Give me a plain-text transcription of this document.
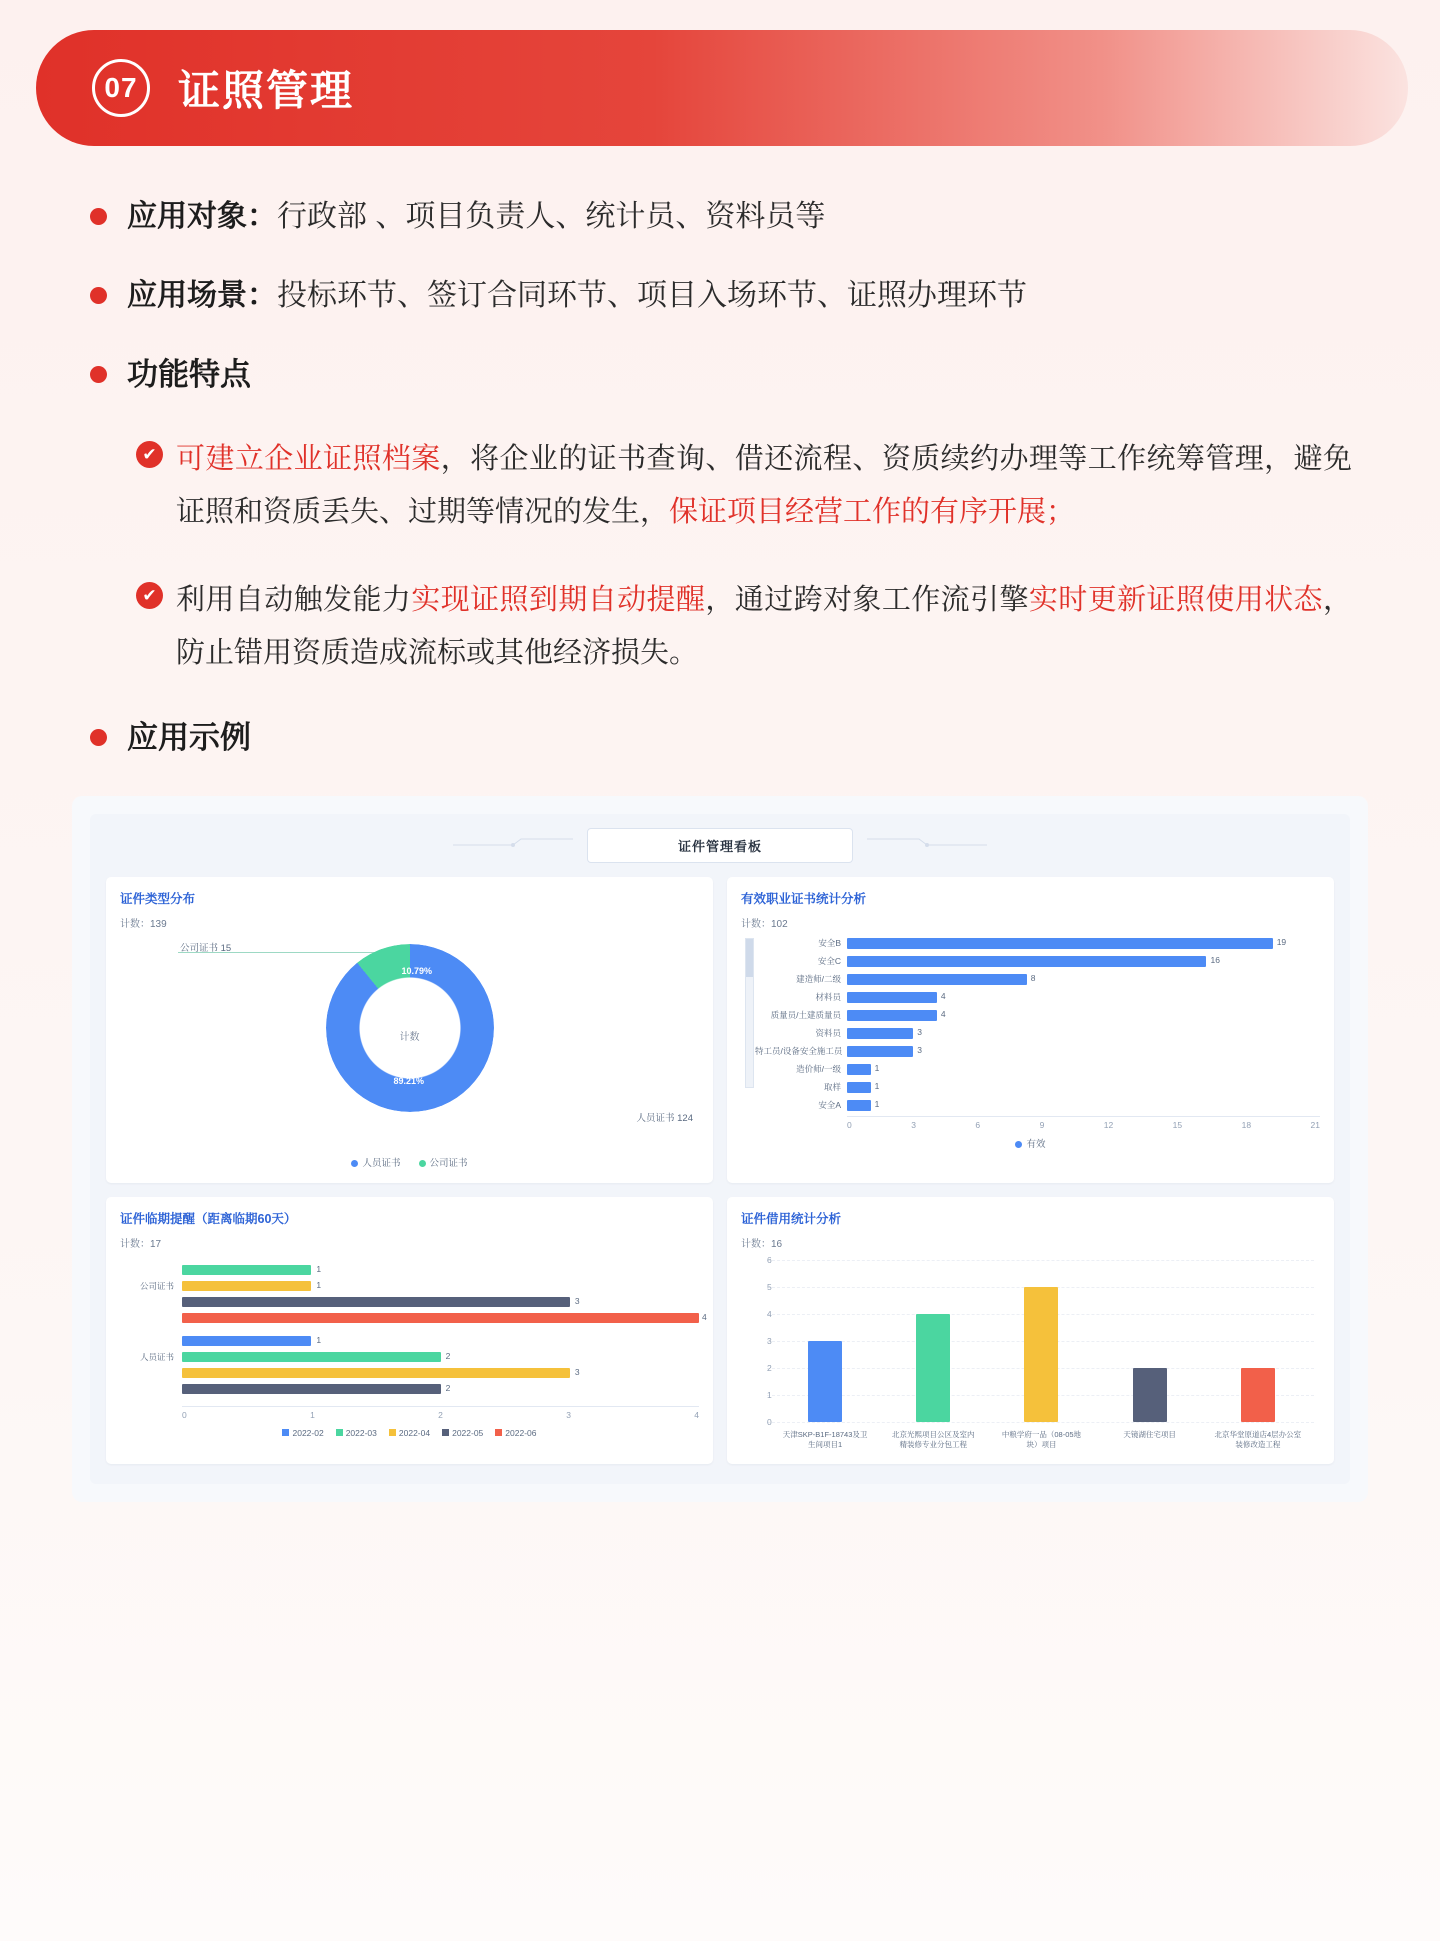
07 证照管理
应用对象：行政部 、项目负责人、统计员、资料员等
应用场景：投标环节、签订合同环节、项目入场环节、证照办理环节
功能特点
✔ 可建立企业证照档案，将企业的证书查询、借还流程、资质续约办理等工作统筹管理，避免证照和资质丢失、过期等情况的发生，保证项目经营工作的有序开展；

✔ 利用自动触发能力实现证照到期自动提醒，通过跨对象工作流引擎实时更新证照使用状态，防止错用资质造成流标或其他经济损失。

应用示例
证件管理看板
证件类型分布
计数：139
公司证书 15
计数
10.79%
89.21%
人员证书 124
人员证书	公司证书
有效职业证书统计分析
计数：102
安全B	19
安全C	16
建造师/二级	8
材料员	4
质量员/土建质量员	4
资料员	3
特工员/设备安全施工员	3
造价师/一级	1
取样	1
安全A	1
0	3	6	9	12	15	18	21
有效
证件临期提醒（距离临期60天）
计数：17
1
公司证书	1
3
4
1
人员证书	2
3
2
0	1	2	3	4
2022-02	2022-03	2022-04	2022-05	2022-06
证件借用统计分析
计数：16
6
5
4
3
2
1
0
天津SKP-B1F-18743及卫生间项目1
北京光熙项目公区及室内精装修专业分包工程
中粮学府一品（08-05地块）项目
天镜湖住宅项目	北京华堂原道店4层办公室装修改造工程
